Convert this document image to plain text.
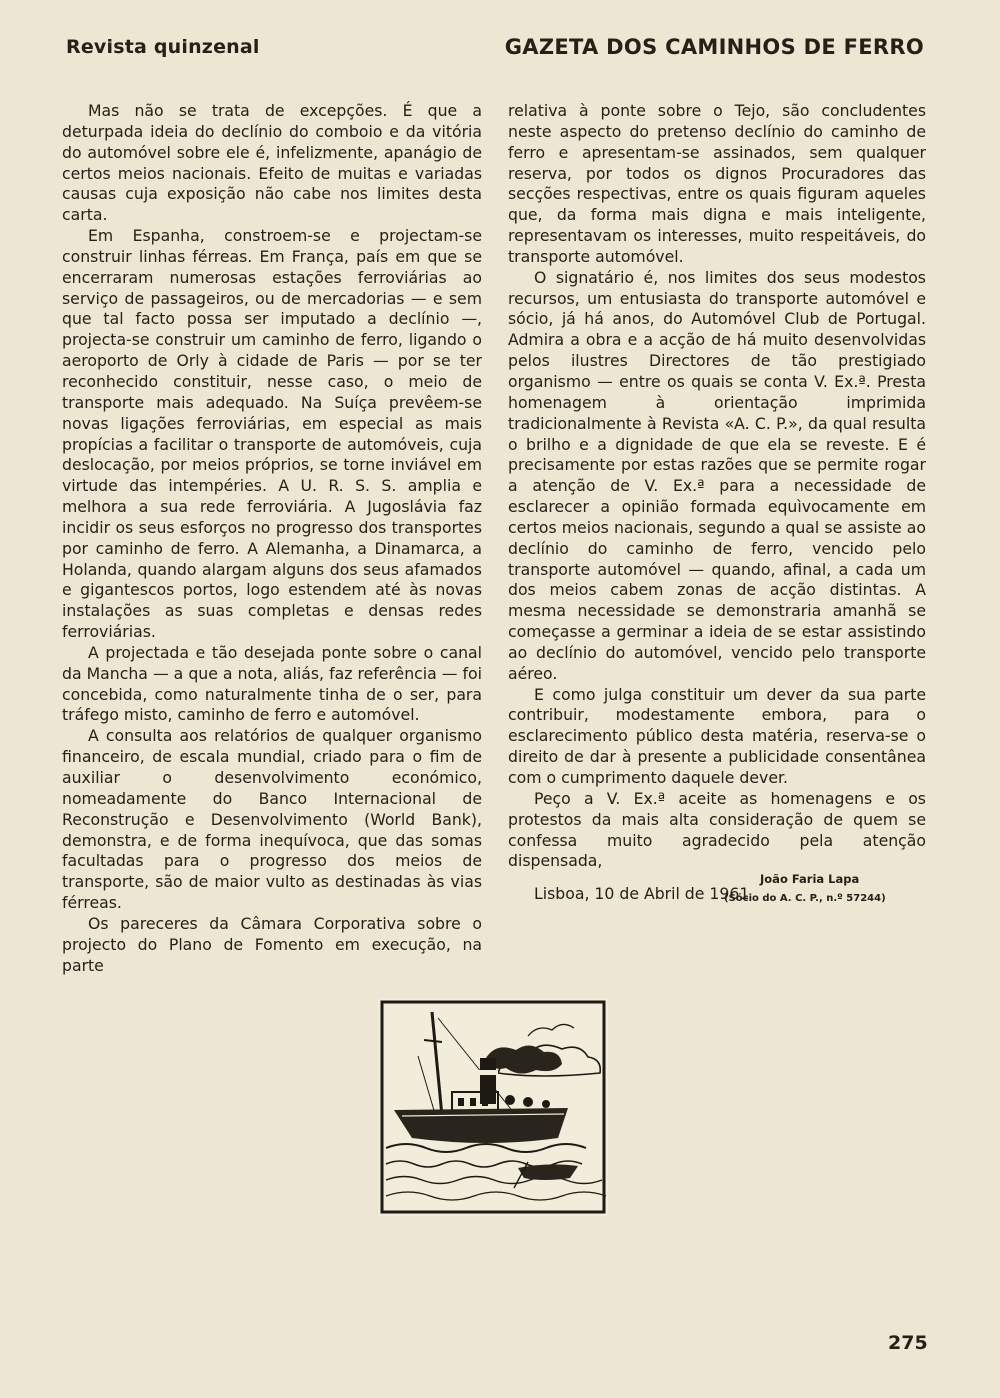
Revista quinzenal	GAZETA DOS CAMINHOS DE FERRO

Mas não se trata de excepções. É que a deturpada ideia do declínio do comboio e da vitória do automóvel sobre ele é, infelizmente, apanágio de certos meios nacionais. Efeito de muitas e variadas causas cuja exposição não cabe nos limites desta carta.

Em Espanha, constroem-se e projectam-se construir linhas férreas. Em França, país em que se encerraram numerosas estações ferroviárias ao serviço de passageiros, ou de mercadorias — e sem que tal facto possa ser imputado a declínio —, projecta-se construir um caminho de ferro, ligando o aeroporto de Orly à cidade de Paris — por se ter reconhecido constituir, nesse caso, o meio de transporte mais adequado. Na Suíça prevêem-se novas ligações ferroviárias, em especial as mais propícias a facilitar o transporte de automóveis, cuja deslocação, por meios próprios, se torne inviável em virtude das intempéries. A U. R. S. S. amplia e melhora a sua rede ferroviária. A Jugoslávia faz incidir os seus esforços no progresso dos transportes por caminho de ferro. A Alemanha, a Dinamarca, a Holanda, quando alargam alguns dos seus afamados e gigantescos portos, logo estendem até às novas instalações as suas completas e densas redes ferroviárias.

A projectada e tão desejada ponte sobre o canal da Mancha — a que a nota, aliás, faz referência — foi concebida, como naturalmente tinha de o ser, para tráfego misto, caminho de ferro e automóvel.

A consulta aos relatórios de qualquer organismo financeiro, de escala mundial, criado para o fim de auxiliar o desenvolvimento económico, nomeadamente do Banco Internacional de Reconstrução e Desenvolvimento (World Bank), demonstra, e de forma inequívoca, que das somas facultadas para o progresso dos meios de transporte, são de maior vulto as destinadas às vias férreas.

Os pareceres da Câmara Corporativa sobre o projecto do Plano de Fomento em execução, na parte

relativa à ponte sobre o Tejo, são concludentes neste aspecto do pretenso declínio do caminho de ferro e apresentam-se assinados, sem qualquer reserva, por todos os dignos Procuradores das secções respectivas, entre os quais figuram aqueles que, da forma mais digna e mais inteligente, representavam os interesses, muito respeitáveis, do transporte automóvel.

O signatário é, nos limites dos seus modestos recursos, um entusiasta do transporte automóvel e sócio, já há anos, do Automóvel Club de Portugal. Admira a obra e a acção de há muito desenvolvidas pelos ilustres Directores de tão prestigiado organismo — entre os quais se conta V. Ex.ª. Presta homenagem à orientação imprimida tradicionalmente à Revista «A. C. P.», da qual resulta o brilho e a dignidade de que ela se reveste. E é precisamente por estas razões que se permite rogar a atenção de V. Ex.ª para a necessidade de esclarecer a opinião formada equìvocamente em certos meios nacionais, segundo a qual se assiste ao declínio do caminho de ferro, vencido pelo transporte automóvel — quando, afinal, a cada um dos meios cabem zonas de acção distintas. A mesma necessidade se demonstraria amanhã se começasse a germinar a ideia de se estar assistindo ao declínio do automóvel, vencido pelo transporte aéreo.

E como julga constituir um dever da sua parte contribuir, modestamente embora, para o esclarecimento público desta matéria, reserva-se o direito de dar à presente a publicidade consentânea com o cumprimento daquele dever.

Peço a V. Ex.ª aceite as homenagens e os protestos da mais alta consideração de quem se confessa muito agradecido pela atenção dispensada,

Lisboa, 10 de Abril de 1961

João Faria Lapa
(Sócio do A. C. P., n.º 57244)
275
